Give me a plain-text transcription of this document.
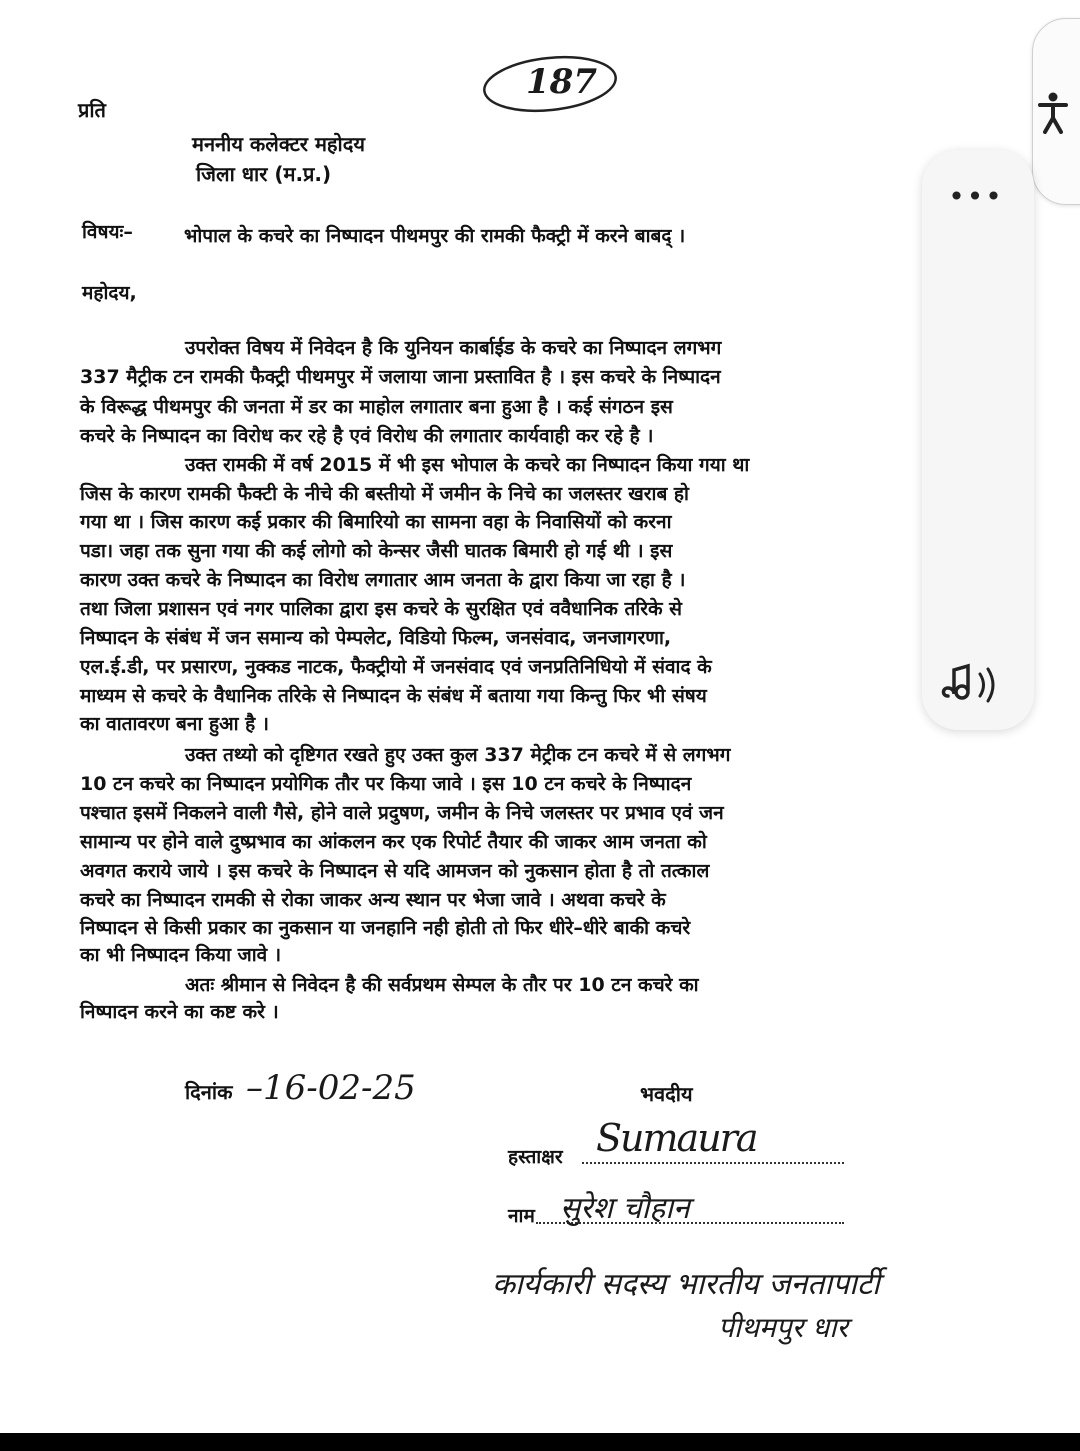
187
प्रति
मननीय कलेक्टर महोदय
जिला धार (म.प्र.)
विषयः–	भोपाल के कचरे का निष्पादन पीथमपुर की रामकी फैक्ट्री में करने बाबद् ।
महोदय,
उपरोक्त विषय में निवेदन है कि युनियन कार्बाईड के कचरे का निष्पादन लगभग
337 मैट्रीक टन रामकी फैक्ट्री पीथमपुर में जलाया जाना प्रस्तावित है । इस कचरे के निष्पादन
के विरूद्ध पीथमपुर की जनता में डर का माहोल लगातार बना हुआ है । कई संगठन इस
कचरे के निष्पादन का विरोध कर रहे है एवं विरोध की लगातार कार्यवाही कर रहे है ।
उक्त रामकी में वर्ष 2015 में भी इस भोपाल के कचरे का निष्पादन किया गया था
जिस के कारण रामकी फैक्टी के नीचे की बस्तीयो में जमीन के निचे का जलस्तर खराब हो
गया था । जिस कारण कई प्रकार की बिमारियो का सामना वहा के निवासियों को करना
पडा। जहा तक सुना गया की कई लोगो को केन्सर जैसी घातक बिमारी हो गई थी । इस
कारण उक्त कचरे के निष्पादन का विरोध लगातार आम जनता के द्वारा किया जा रहा है ।
तथा जिला प्रशासन एवं नगर पालिका द्वारा इस कचरे के सुरक्षित एवं ववैधानिक तरिके से
निष्पादन के संबंध में जन समान्य को पेम्पलेट, विडियो फिल्म, जनसंवाद, जनजागरणा,
एल.ई.डी, पर प्रसारण, नुक्कड नाटक, फैक्ट्रीयो में जनसंवाद एवं जनप्रतिनिधियो में संवाद के
माध्यम से कचरे के वैधानिक तरिके से निष्पादन के संबंध में बताया गया किन्तु फिर भी संषय
का वातावरण बना हुआ है ।
उक्त तथ्यो को दृष्टिगत रखते हुए उक्त कुल 337 मेट्रीक टन कचरे में से लगभग
10 टन कचरे का निष्पादन प्रयोगिक तौर पर किया जावे । इस 10 टन कचरे के निष्पादन
पश्चात इसमें निकलने वाली गैसे, होने वाले प्रदुषण, जमीन के निचे जलस्तर पर प्रभाव एवं जन
सामान्य पर होने वाले दुष्प्रभाव का आंकलन कर एक रिपोर्ट तैयार की जाकर आम जनता को
अवगत कराये जाये । इस कचरे के निष्पादन से यदि आमजन को नुकसान होता है तो तत्काल
कचरे का निष्पादन रामकी से रोका जाकर अन्य स्थान पर भेजा जावे । अथवा कचरे के
निष्पादन से किसी प्रकार का नुकसान या जनहानि नही होती तो फिर धीरे–धीरे बाकी कचरे
का भी निष्पादन किया जावे ।
अतः श्रीमान से निवेदन है की सर्वप्रथम सेम्पल के तौर पर 10 टन कचरे का
निष्पादन करने का कष्ट करे ।
दिनांक –16-02-25	भवदीय
हस्ताक्षर Sumaura
नाम सुरेश चौहान
कार्यकारी सदस्य भारतीय जनतापार्टी
पीथमपुर धार
•••
